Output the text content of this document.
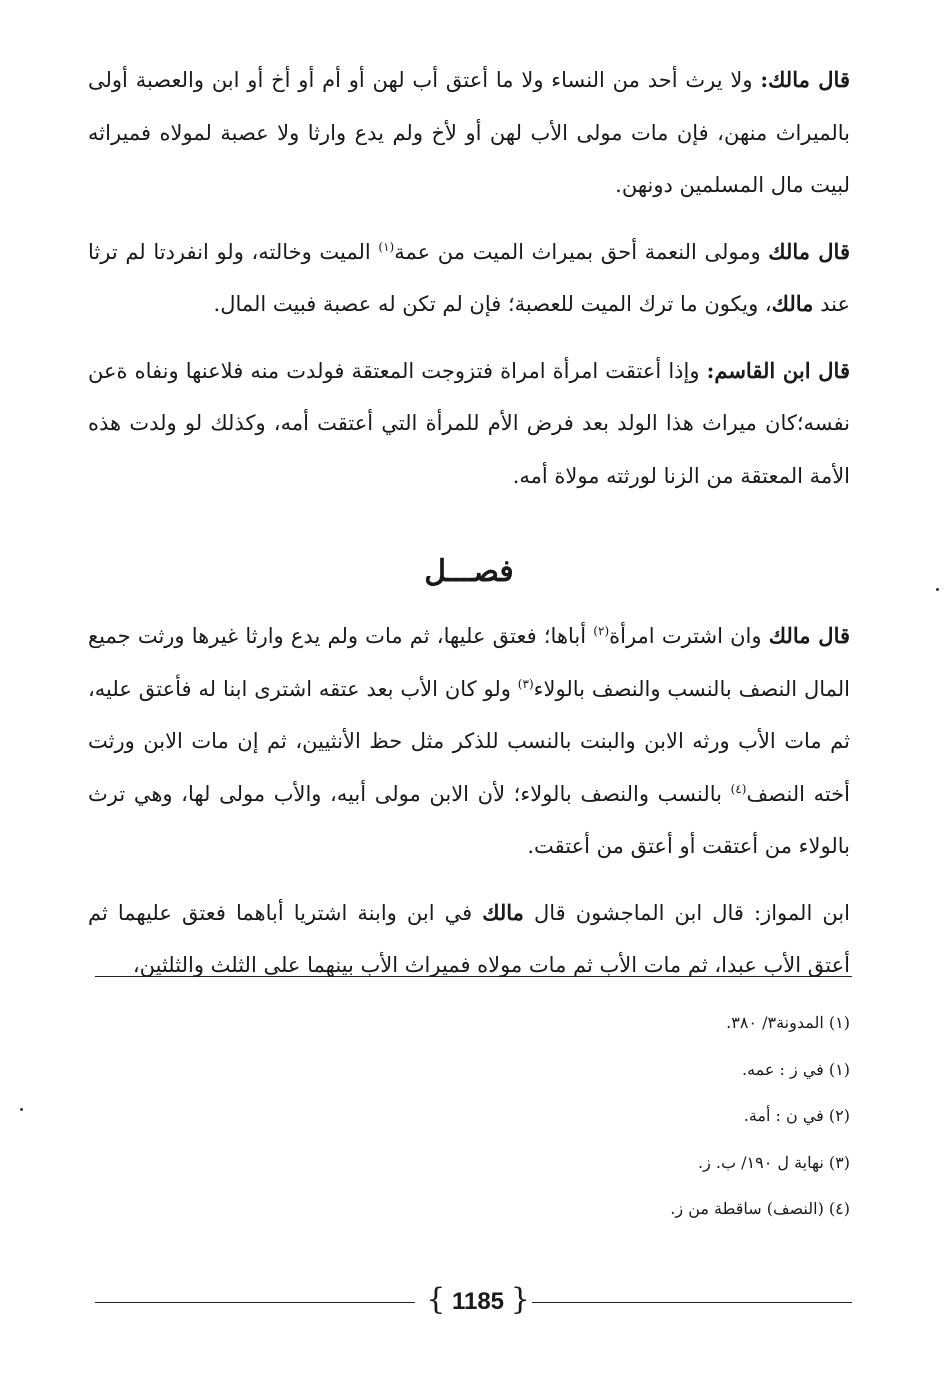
قال مالك: ولا يرث أحد من النساء ولا ما أعتق أب لهن أو أم أو أخ أو ابن والعصبة أولى بالميراث منهن، فإن مات مولى الأب لهن أو لأخ ولم يدع وارثا ولا عصبة لمولاه فميراثه لبيت مال المسلمين دونهن.

قال مالك ومولى النعمة أحق بميراث الميت من عمة$^{(١)}$ الميت وخالته، ولو انفردتا لم ترثا عند مالك، ويكون ما ترك الميت للعصبة؛ فإن لم تكن له عصبة فبيت المال.

قال ابن القاسم: وإذا أعتقت امرأة امراة فتزوجت المعتقة فولدت منه فلاعنها ونفاه ةعن نفسه؛كان ميراث هذا الولد بعد فرض الأم للمرأة التي أعتقت أمه، وكذلك لو ولدت هذه الأمة المعتقة من الزنا لورثته مولاة أمه.

فصـــل

قال مالك وان اشترت امرأة$^{(٢)}$ أباها؛ فعتق عليها، ثم مات ولم يدع وارثا غيرها ورثت جميع المال النصف بالنسب والنصف بالولاء$^{(٣)}$ ولو كان الأب بعد عتقه اشترى ابنا له فأعتق عليه، ثم مات الأب ورثه الابن والبنت بالنسب للذكر مثل حظ الأنثيين، ثم إن مات الابن ورثت أخته النصف$^{(٤)}$ بالنسب والنصف بالولاء؛ لأن الابن مولى أبيه، والأب مولى لها، وهي ترث بالولاء من أعتقت أو أعتق من أعتقت.

ابن المواز: قال ابن الماجشون قال مالك في ابن وابنة اشتريا أباهما فعتق عليهما ثم أعتق الأب عبدا، ثم مات الأب ثم مات مولاه فميراث الأب بينهما على الثلث والثلثين،

(١) المدونة٣/ ٣٨٠.

(١) في ز : عمه.

(٢) في ن : أمة.

(٣) نهاية ل ١٩٠/ ب. ز.

(٤) (النصف) ساقطة من ز.

{ 1185 }
